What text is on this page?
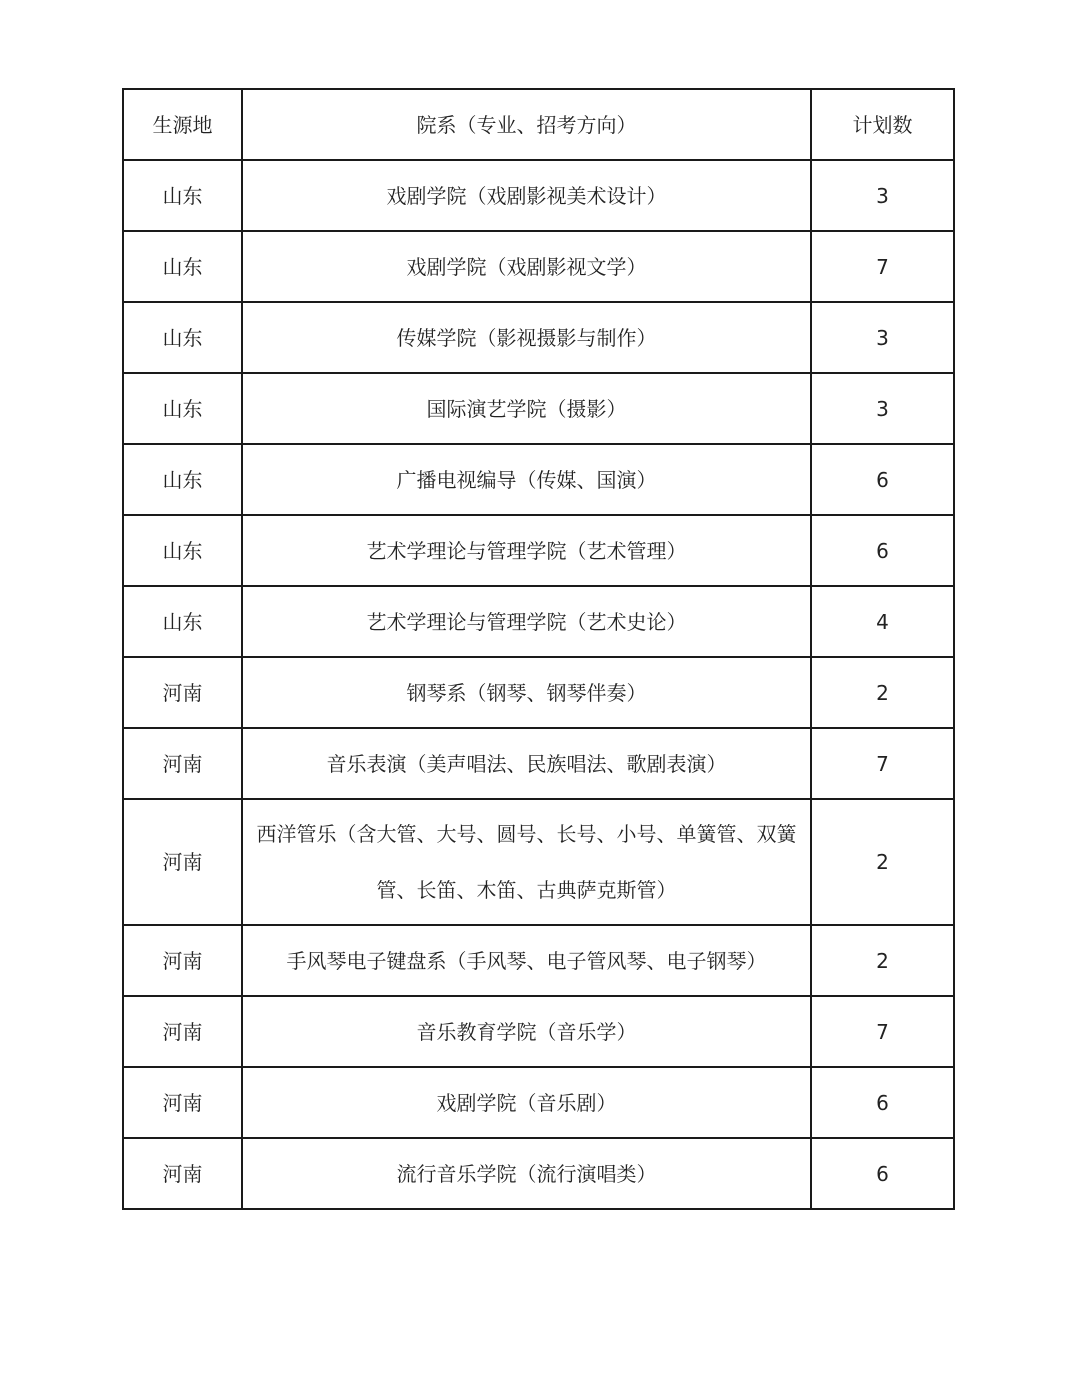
生源地	院系（专业、招考方向）	计划数
山东	戏剧学院（戏剧影视美术设计）	3
山东	戏剧学院（戏剧影视文学）	7
山东	传媒学院（影视摄影与制作）	3
山东	国际演艺学院（摄影）	3
山东	广播电视编导（传媒、国演）	6
山东	艺术学理论与管理学院（艺术管理）	6
山东	艺术学理论与管理学院（艺术史论）	4
河南	钢琴系（钢琴、钢琴伴奏）	2
河南	音乐表演（美声唱法、民族唱法、歌剧表演）	7
河南	西洋管乐（含大管、大号、圆号、长号、小号、单簧管、双簧管、长笛、木笛、古典萨克斯管）	2
河南	手风琴电子键盘系（手风琴、电子管风琴、电子钢琴）	2
河南	音乐教育学院（音乐学）	7
河南	戏剧学院（音乐剧）	6
河南	流行音乐学院（流行演唱类）	6
